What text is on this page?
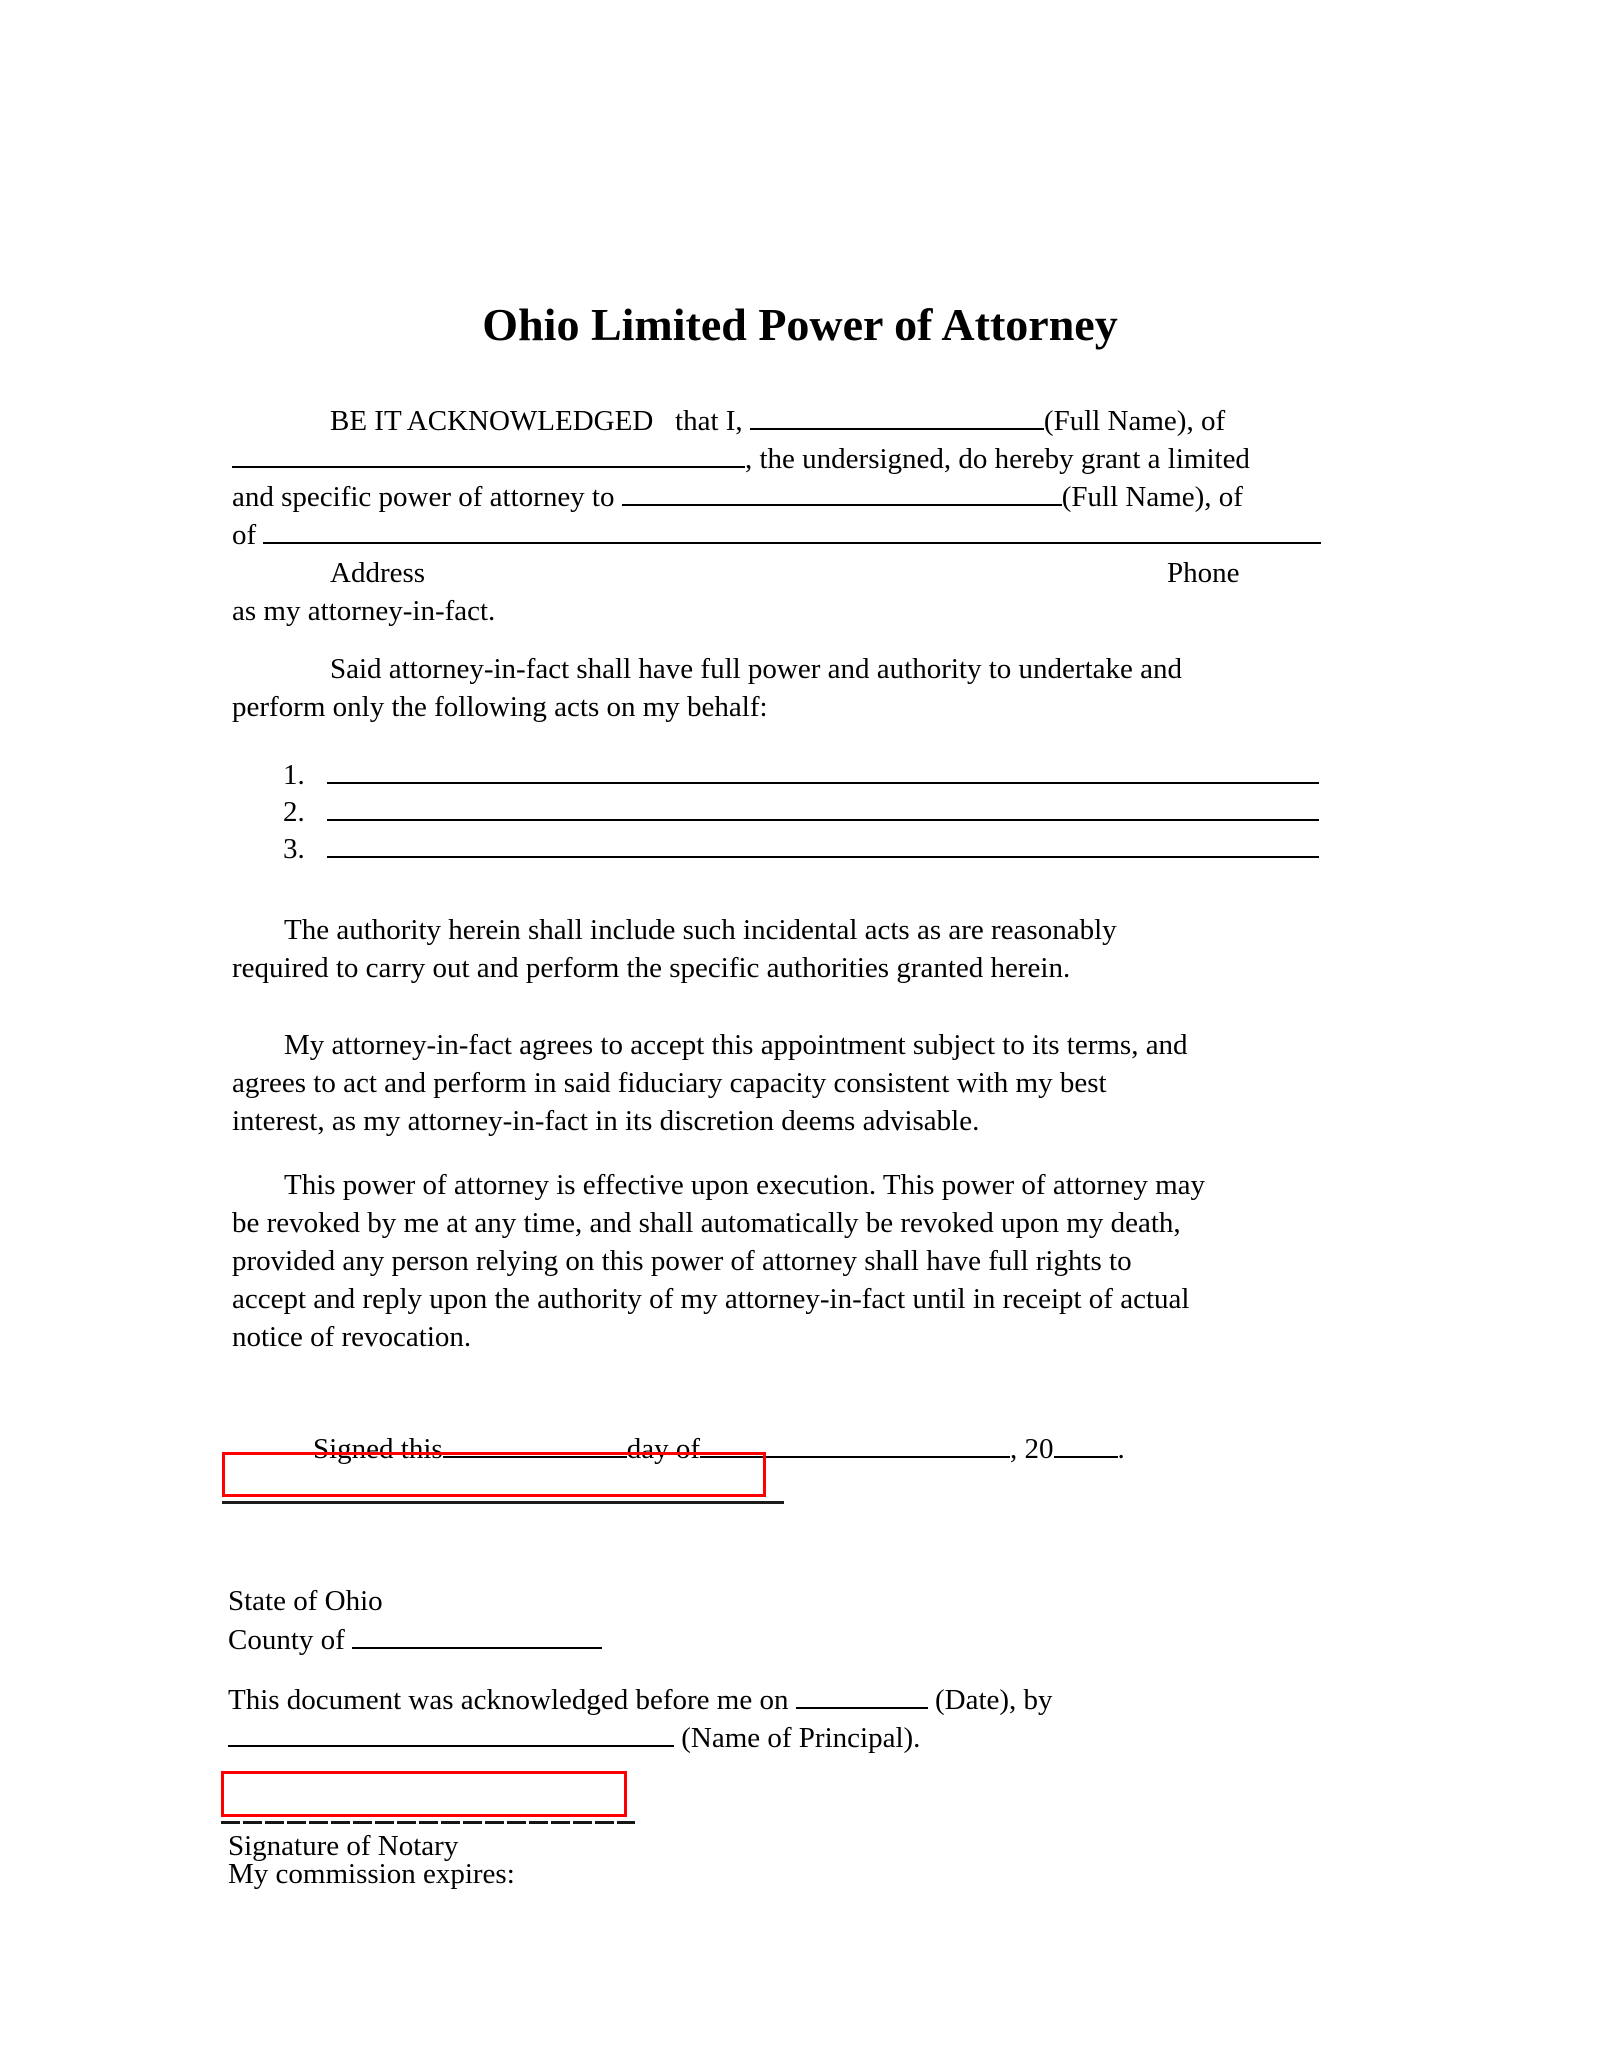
Ohio Limited Power of Attorney
BE IT ACKNOWLEDGED   that I,	(Full Name), of
, the undersigned, do hereby grant a limited
and specific power of attorney to	(Full Name), of
of
Address	Phone
as my attorney-in-fact.
Said attorney-in-fact shall have full power and authority to undertake and
perform only the following acts on my behalf:
1.
2.
3.
The authority herein shall include such incidental acts as are reasonably
required to carry out and perform the specific authorities granted herein.
My attorney-in-fact agrees to accept this appointment subject to its terms, and
agrees to act and perform in said fiduciary capacity consistent with my best
interest, as my attorney-in-fact in its discretion deems advisable.
This power of attorney is effective upon execution. This power of attorney may
be revoked by me at any time, and shall automatically be revoked upon my death,
provided any person relying on this power of attorney shall have full rights to
accept and reply upon the authority of my attorney-in-fact until in receipt of actual
notice of revocation.

Signed this	day of	, 20 .

State of Ohio
County of
This document was acknowledged before me on	(Date), by
(Name of Principal).
Signature of Notary
My commission expires:
